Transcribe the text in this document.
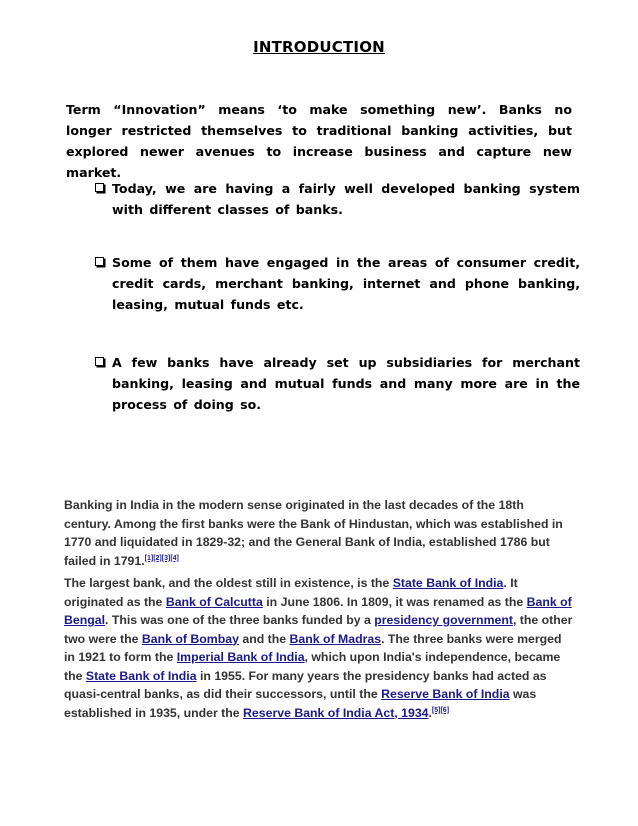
INTRODUCTION
Term “Innovation” means ‘to make something new’. Banks no longer restricted themselves to traditional banking activities, but explored newer avenues to increase business and capture new market.
Today, we are having a fairly well developed banking system with different classes of banks.
Some of them have engaged in the areas of consumer credit, credit cards, merchant banking, internet and phone banking, leasing, mutual funds etc.
A few banks have already set up subsidiaries for merchant banking, leasing and mutual funds and many more are in the process of doing so.
Banking in India in the modern sense originated in the last decades of the 18th century. Among the first banks were the Bank of Hindustan, which was established in 1770 and liquidated in 1829-32; and the General Bank of India, established 1786 but failed in 1791.[1][2][3][4]
The largest bank, and the oldest still in existence, is the State Bank of India. It originated as the Bank of Calcutta in June 1806. In 1809, it was renamed as the Bank of Bengal. This was one of the three banks funded by a presidency government, the other two were the Bank of Bombay and the Bank of Madras. The three banks were merged in 1921 to form the Imperial Bank of India, which upon India's independence, became the State Bank of India in 1955. For many years the presidency banks had acted as quasi-central banks, as did their successors, until the Reserve Bank of India was established in 1935, under the Reserve Bank of India Act, 1934.[5][6]
